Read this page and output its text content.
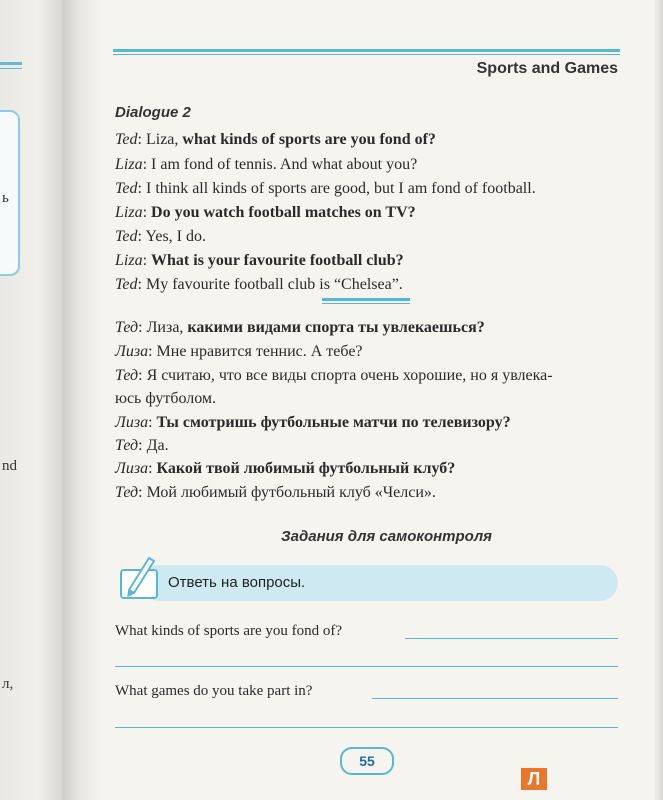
ь
nd
л,
Sports and Games
Dialogue 2
Ted: Liza, what kinds of sports are you fond of?
Liza: I am fond of tennis. And what about you?
Ted: I think all kinds of sports are good, but I am fond of football.
Liza: Do you watch football matches on TV?
Ted: Yes, I do.
Liza: What is your favourite football club?
Ted: My favourite football club is “Chelsea”.
Тед: Лиза, какими видами спорта ты увлекаешься?
Лиза: Мне нравится теннис. А тебе?
Тед: Я считаю, что все виды спорта очень хорошие, но я увлека-
юсь футболом.
Лиза: Ты смотришь футбольные матчи по телевизору?
Тед: Да.
Лиза: Какой твой любимый футбольный клуб?
Тед: Мой любимый футбольный клуб «Челси».
Задания для самоконтроля
Ответь на вопросы.
What kinds of sports are you fond of?
What games do you take part in?
55
Л
